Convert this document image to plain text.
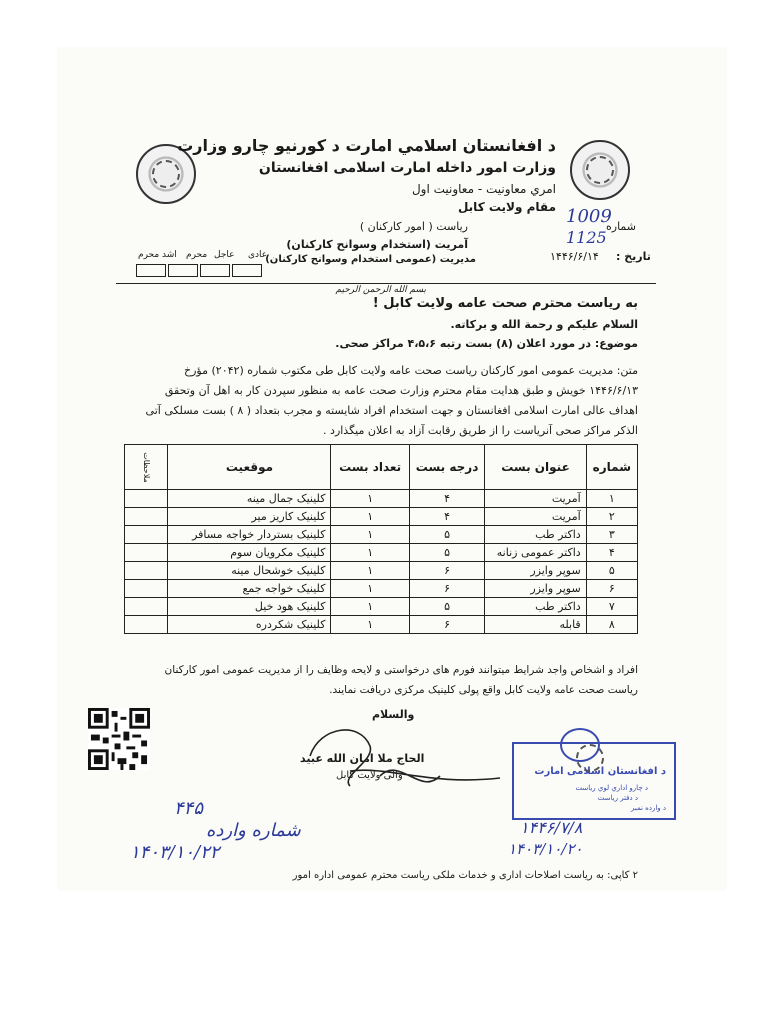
د افغانستان اسلامي امارت د کورنیو چارو وزارت
وزارت امور داخله امارت اسلامی افغانستان
امري معاونيت - معاونيت اول
مقام ولایت کابل
ریاست ( امور کارکنان )
آمریت (استخدام وسوانح کارکنان)
مدیریت (عمومی استخدام وسوانح کارکنان)
شماره
1009
1125
تاریخ :
۱۴۴۶/۶/۱۴
عادی
عاجل
محرم
اشد محرم
بسم الله الرحمن الرحیم
به ریاست محترم صحت عامه ولایت کابل !
السلام علیکم و رحمة الله و برکاته.
موضوع: در مورد اعلان (۸) بست رتبه ۴،۵،۶ مراکز صحی.
متن: مدیریت عمومی امور کارکنان ریاست صحت عامه ولایت کابل طی مکتوب شماره (۲۰۴۲) مؤرخ
۱۴۴۶/۶/۱۳ خویش و طبق هدایت مقام محترم وزارت صحت عامه به منظور سپردن کار به اهل آن وتحقق
اهداف عالی امارت اسلامی افغانستان و جهت استخدام افراد شایسته و مجرب بتعداد ( ۸ ) بست مسلکی آتی
الذکر مراکز صحی آنریاست را از طریق رقابت آزاد به اعلان میگذارد .
شماره	عنوان بست	درجه بست	تعداد بست	موقعیت	ملاحظات
۱	آمریت	۴	۱	کلینیک جمال مینه	
۲	آمریت	۴	۱	کلینیک کاریز میر	
۳	داکتر طب	۵	۱	کلینیک بستردار خواجه مسافر	
۴	داکتر عمومی زنانه	۵	۱	کلینیک مکرویان سوم	
۵	سوپر وایزر	۶	۱	کلینیک خوشحال مینه	
۶	سوپر وایزر	۶	۱	کلینیک خواجه جمع	
۷	داکتر طب	۵	۱	کلینیک هود خیل	
۸	قابله	۶	۱	کلینیک شکردره	
افراد و اشخاص واجد شرایط میتوانند فورم های درخواستی و لایحه وظایف را از مدیریت عمومی امور کارکنان
ریاست صحت عامه ولایت کابل واقع پولی کلینیک مرکزی دریافت نمایند.
والسلام
الحاج ملا امان الله عبید
والی ولایت کابل	د افغانستان اسلامی امارت
د چارو اداري لوي رياست
د دفتر رياست
د وارده نمبر
۱۴۴۶/۷/۸
۱۴۰۳/۱۰/۲۰
۴۴۵
شماره وارده
۱۴۰۳/۱۰/۲۲
۲ کاپی: به ریاست اصلاحات اداری و خدمات ملکی ریاست محترم عمومی اداره امور
